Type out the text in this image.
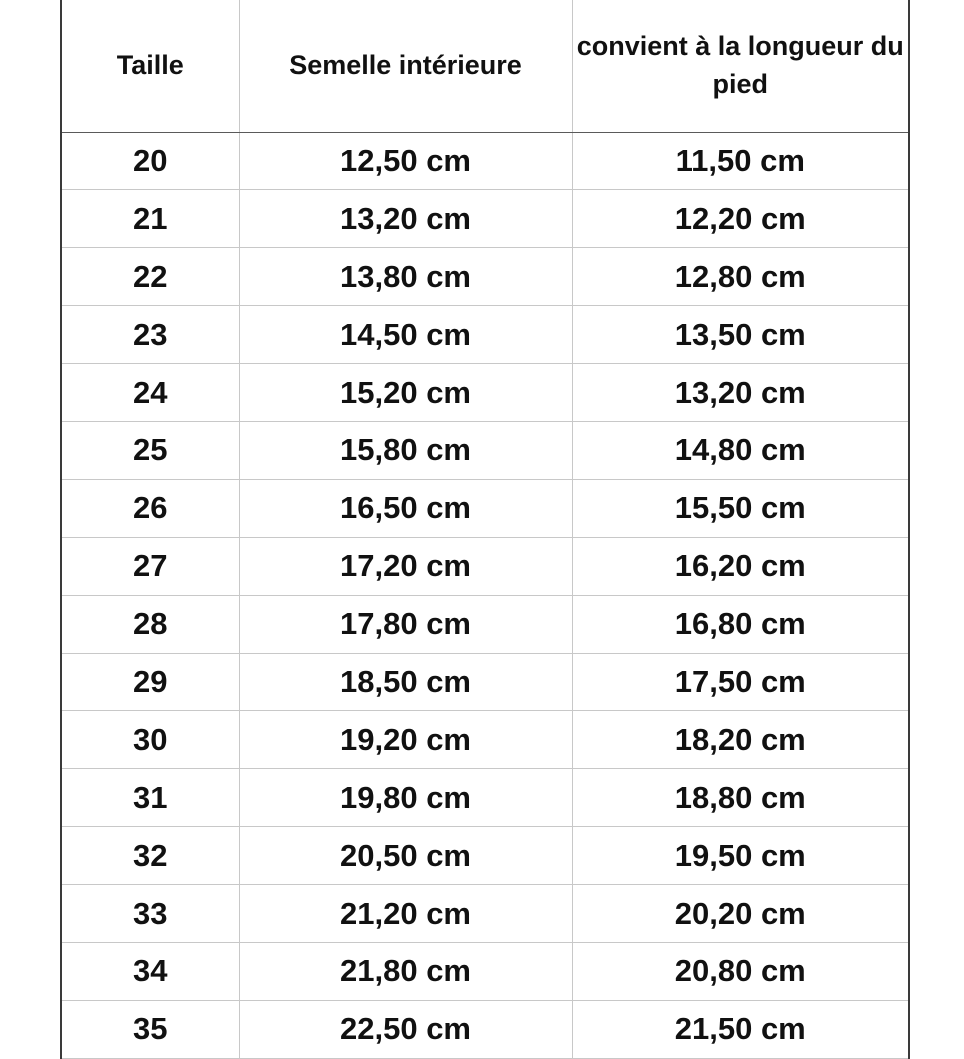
Taille	Semelle intérieure	convient à la longueur du pied
20	12,50 cm	11,50 cm
21	13,20 cm	12,20 cm
22	13,80 cm	12,80 cm
23	14,50 cm	13,50 cm
24	15,20 cm	13,20 cm
25	15,80 cm	14,80 cm
26	16,50 cm	15,50 cm
27	17,20 cm	16,20 cm
28	17,80 cm	16,80 cm
29	18,50 cm	17,50 cm
30	19,20 cm	18,20 cm
31	19,80 cm	18,80 cm
32	20,50 cm	19,50 cm
33	21,20 cm	20,20 cm
34	21,80 cm	20,80 cm
35	22,50 cm	21,50 cm
